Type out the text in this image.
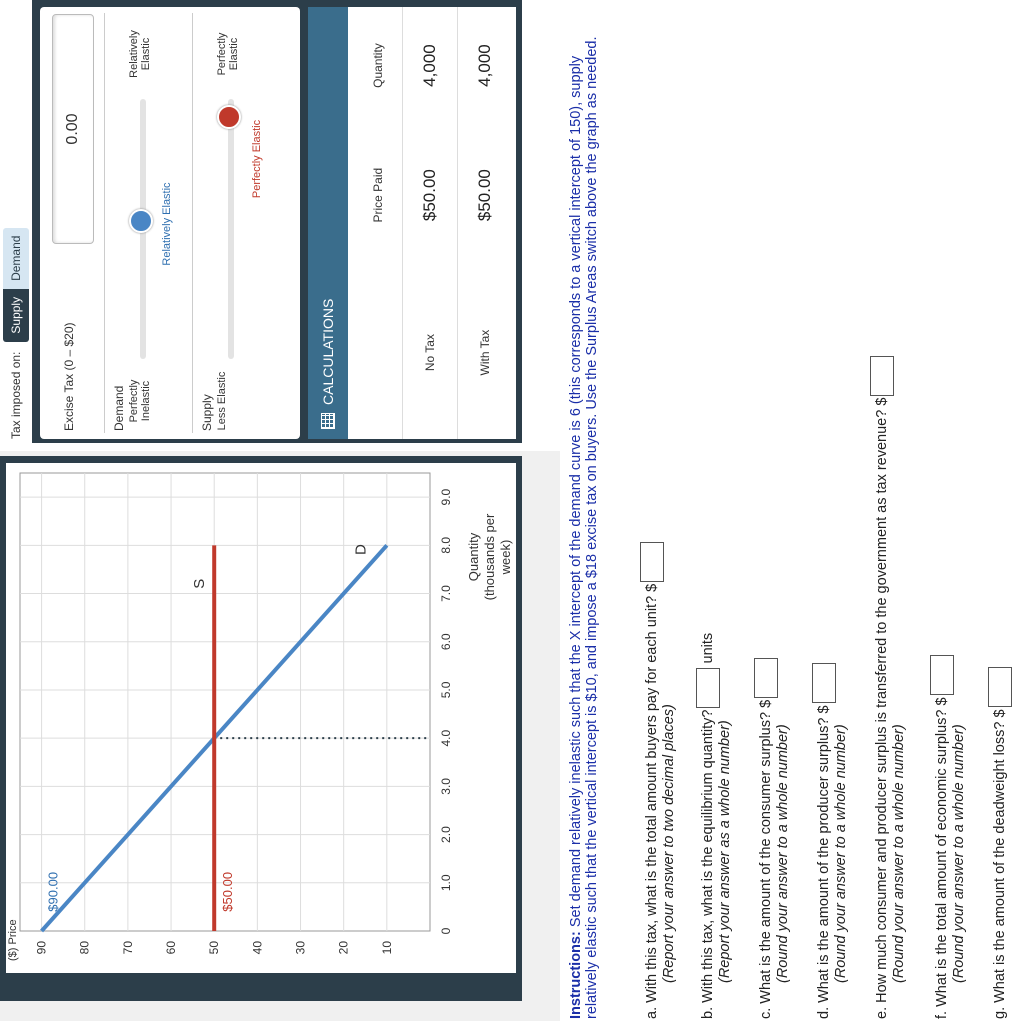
90 80 70 60 50 40 30 20 10
0
1.0
2.0
3.0
4.0
5.0
6.0
7.0
8.0
9.0
($) Price
S
D
$90.00	$50.00
Quantity (thousands per week)
Tax imposed on:
Supply
Demand
Excise Tax (0 – $20)
0.00
Demand Perfectly Inelastic
Relatively Elastic
Relatively Elastic
Supply Less Elastic
Perfectly Elastic
Perfectly Elastic
CALCULATIONS
	Price Paid	Quantity
No Tax	$50.00	4,000
With Tax	$50.00	4,000
Instructions: Set demand relatively inelastic such that the X intercept of the demand curve is 6 (this corresponds to a vertical intercept of 150), supply relatively elastic such that the vertical intercept is $10, and impose a $18 excise tax on buyers. Use the Surplus Areas switch above the graph as needed.	a. With this tax, what is the total amount buyers pay for each unit? $ (Report your answer to two decimal places) b. With this tax, what is the equilibrium quantity? units
(Report your answer as a whole number) c. What is the amount of the consumer surplus? $ (Round your answer to a whole number) d. What is the amount of the producer surplus? $ (Round your answer to a whole number) e. How much consumer and producer surplus is transferred to the government as tax revenue? $ (Round your answer to a whole number) f. What is the total amount of economic surplus? $ (Round your answer to a whole number) g. What is the amount of the deadweight loss? $
